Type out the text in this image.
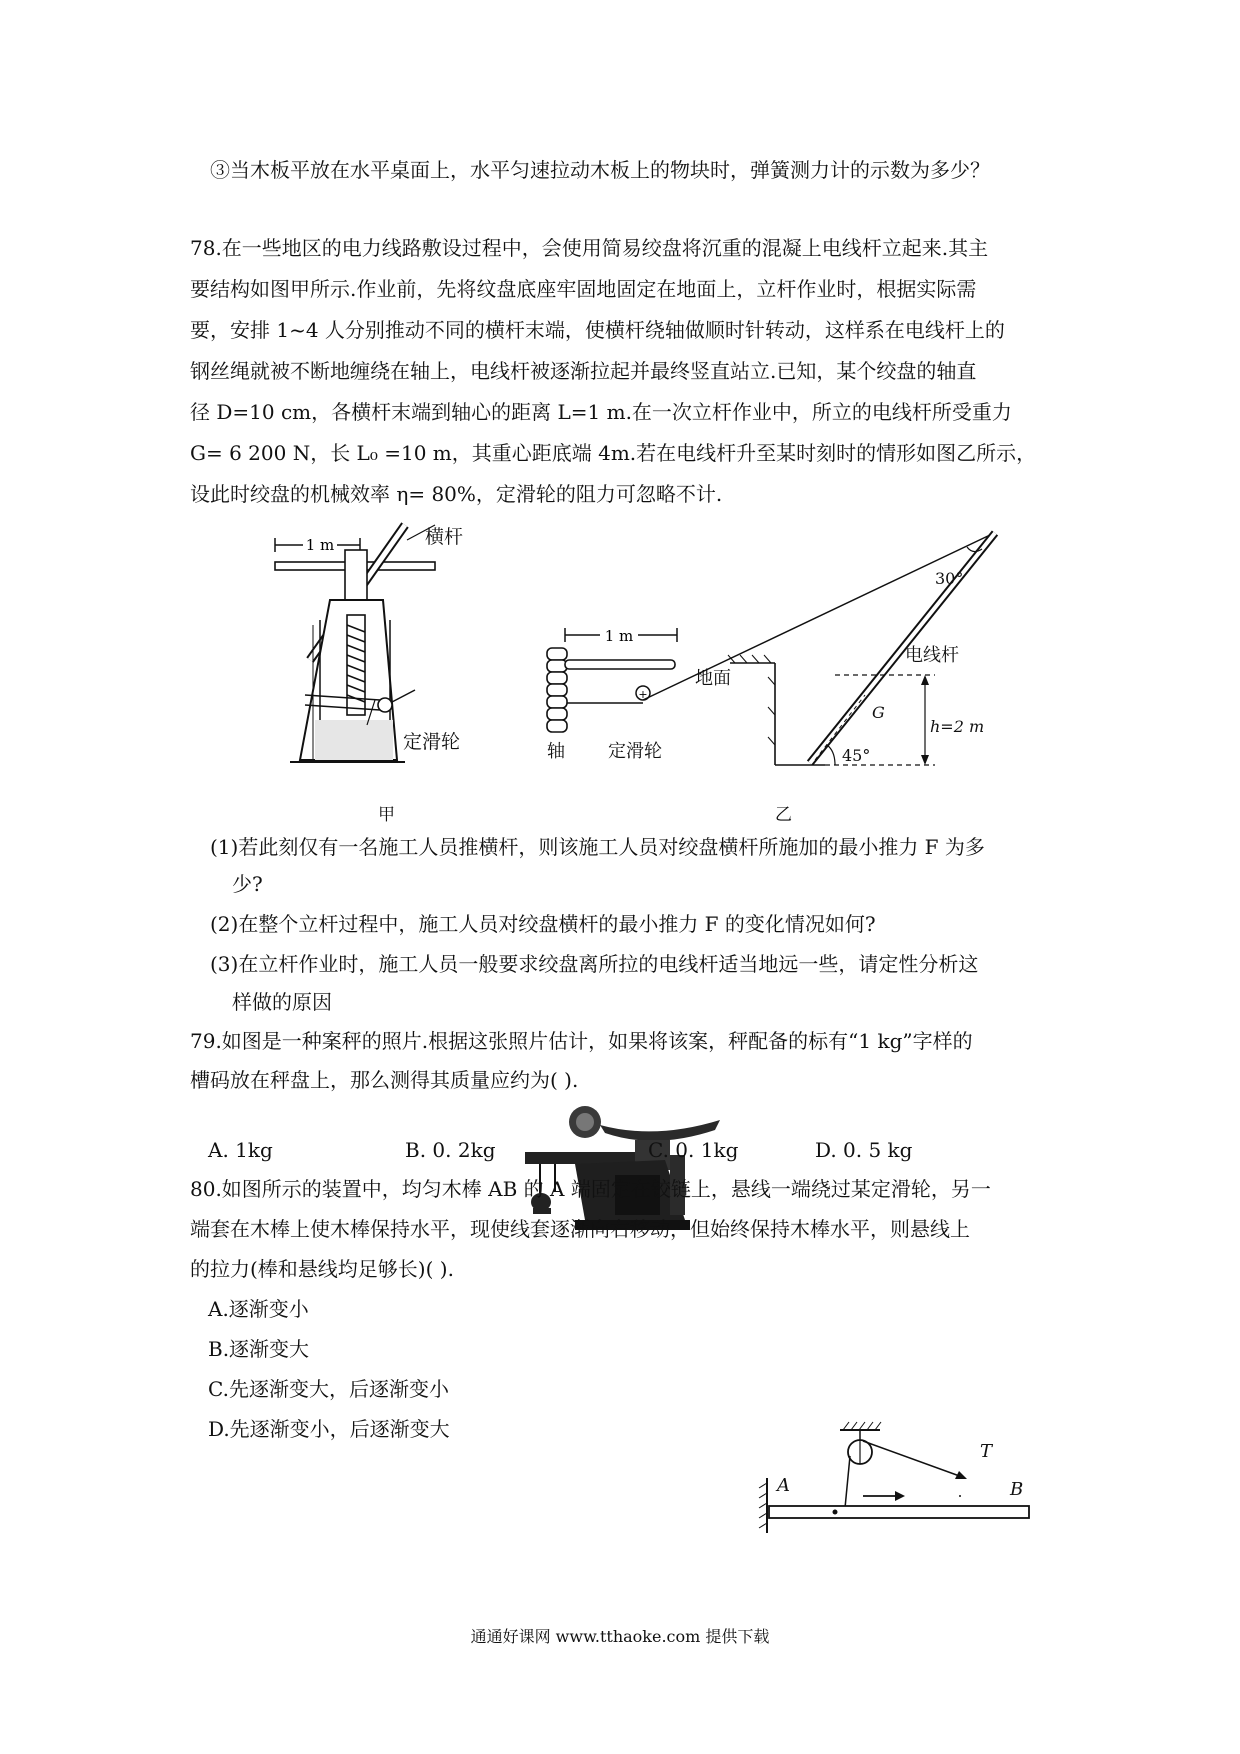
③当木板平放在水平桌面上，水平匀速拉动木板上的物块时，弹簧测力计的示数为多少？
78.在一些地区的电力线路敷设过程中，会使用简易绞盘将沉重的混凝上电线杆立起来.其主
要结构如图甲所示.作业前，先将纹盘底座牢固地固定在地面上，立杆作业时，根据实际需
要，安排 1~4 人分别推动不同的横杆末端，使横杆绕轴做顺时针转动，这样系在电线杆上的
钢丝绳就被不断地缠绕在轴上，电线杆被逐渐拉起并最终竖直站立.已知，某个绞盘的轴直
径 D=10 cm，各横杆末端到轴心的距离 L=1 m.在一次立杆作业中，所立的电线杆所受重力
G= 6 200 N，长 L₀ =10 m，其重心距底端 4m.若在电线杆升至某时刻时的情形如图乙所示，
设此时绞盘的机械效率 η= 80%，定滑轮的阻力可忽略不计.
1 m	横杆
定滑轮
甲
1 m
+
地面
电线杆
30°
G
h=2 m
45°
轴 定滑轮
乙
(1)若此刻仅有一名施工人员推横杆，则该施工人员对绞盘横杆所施加的最小推力 F 为多
少?
(2)在整个立杆过程中，施工人员对绞盘横杆的最小推力 F 的变化情况如何?
(3)在立杆作业时，施工人员一般要求绞盘离所拉的电线杆适当地远一些，请定性分析这
样做的原因
79.如图是一种案秤的照片.根据这张照片估计，如果将该案，秤配备的标有“1 kg”字样的
槽码放在秤盘上，那么测得其质量应约为( ).
A. 1kg	B. 0. 2kg	C. 0. 1kg	D. 0. 5 kg
80.如图所示的装置中，均匀木棒 AB 的 A 端固定在铰链上，悬线一端绕过某定滑轮，另一
端套在木棒上使木棒保持水平，现使线套逐渐向右移动，但始终保持木棒水平，则悬线上
的拉力(棒和悬线均足够长)( ).
A.逐渐变小
B.逐渐变大
C.先逐渐变大，后逐渐变小
D.先逐渐变小，后逐渐变大
A	B
T
通通好课网 www.tthaoke.com 提供下载
